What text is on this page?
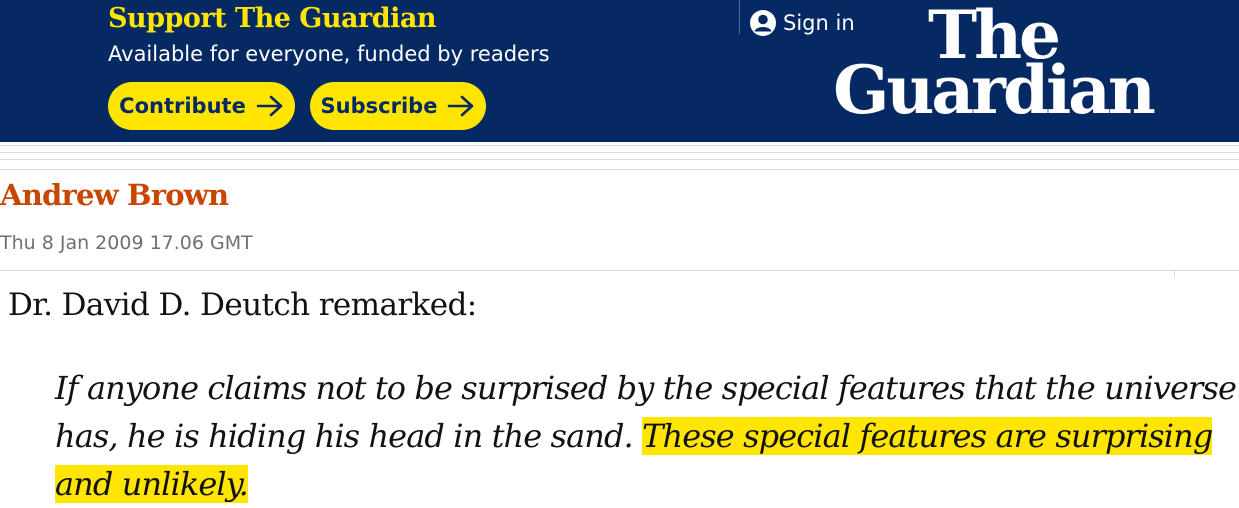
Support The Guardian
Available for everyone, funded by readers
Contribute	Subscribe
Sign in	The
Guardian
Andrew Brown
Thu 8 Jan 2009 17.06 GMT
Dr. David D. Deutch remarked:
If anyone claims not to be surprised by the special features that the universe has, he is hiding his head in the sand. These special features are surprising and unlikely.
